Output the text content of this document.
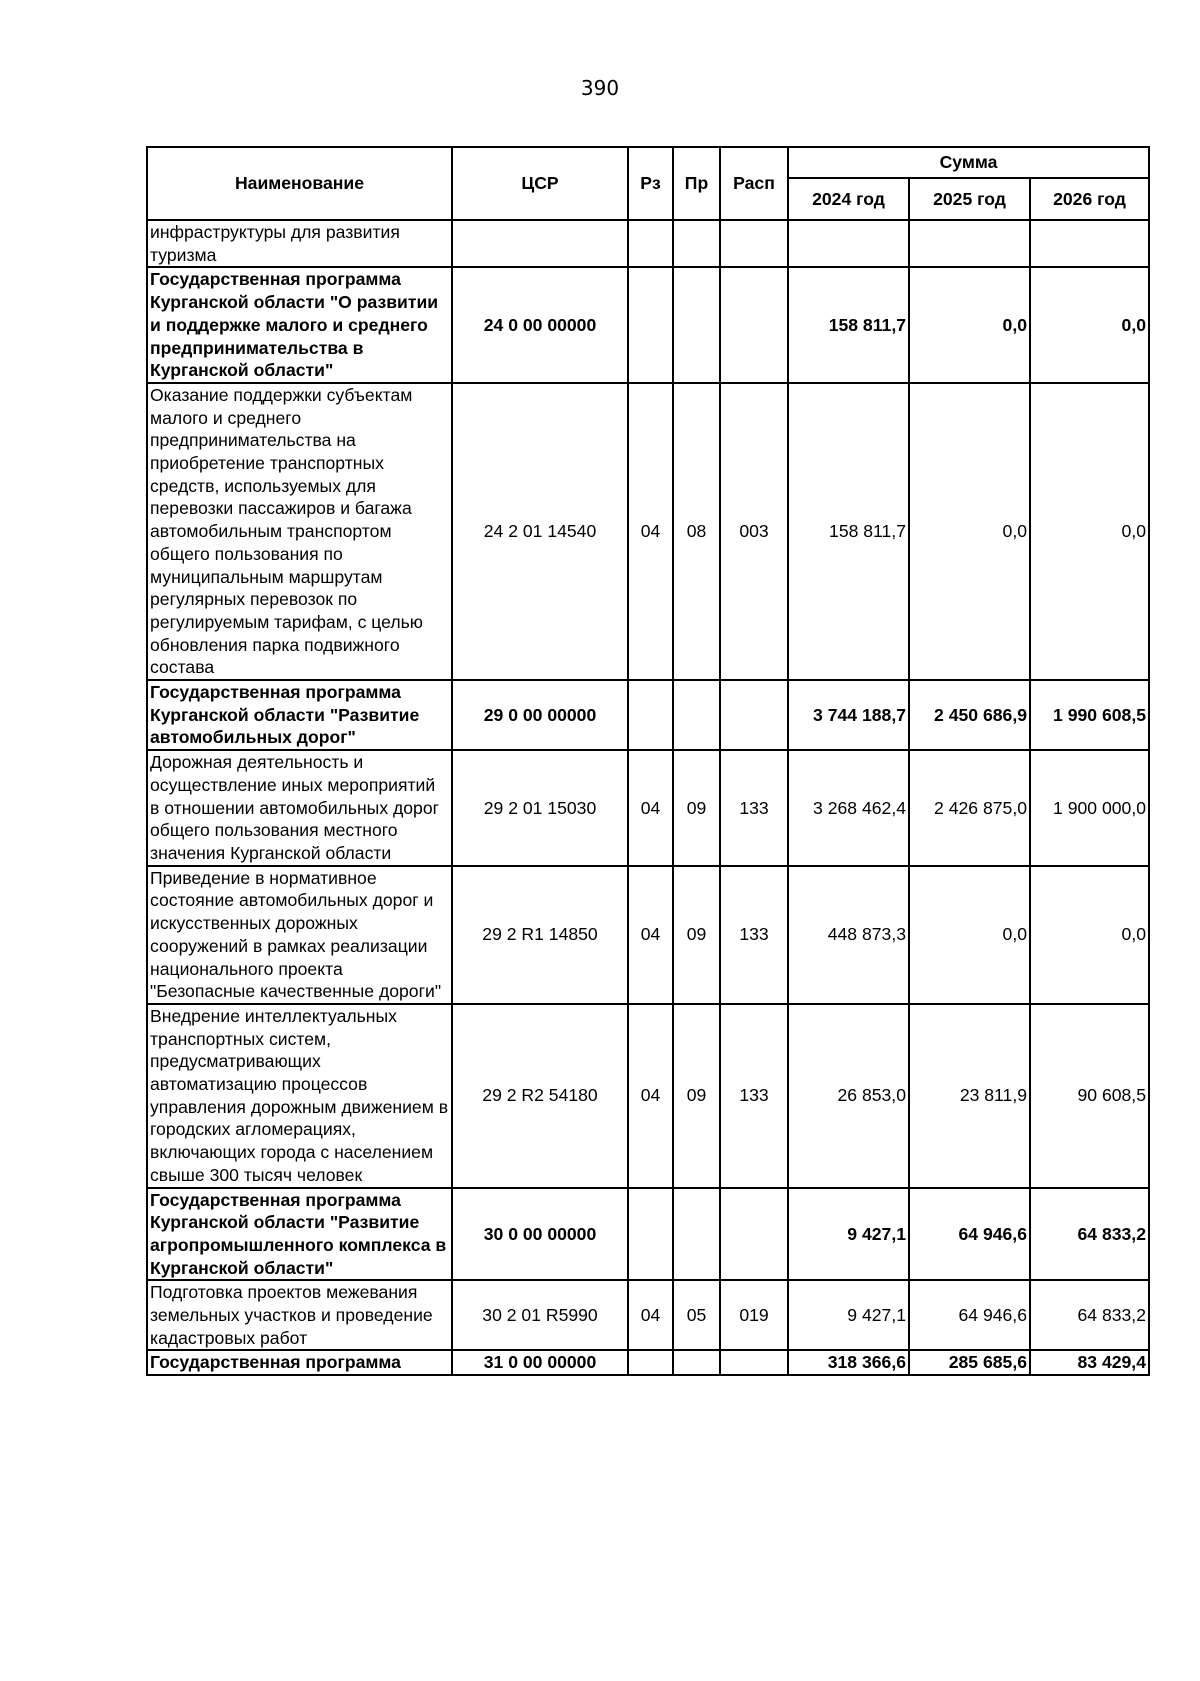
390
Наименование	ЦСР	Рз	Пр	Расп	Сумма		
					2024 год	2025 год	2026 год
инфраструктуры для развития туризма							
Государственная программа Курганской области "О развитии и поддержке малого и среднего предпринимательства в Курганской области"	24 0 00 00000				158 811,7	0,0	0,0
Оказание поддержки субъектам малого и среднего предпринимательства на приобретение транспортных средств, используемых для перевозки пассажиров и багажа автомобильным транспортом общего пользования по муниципальным маршрутам регулярных перевозок по регулируемым тарифам, с целью обновления парка подвижного состава	24 2 01 14540	04	08	003	158 811,7	0,0	0,0
Государственная программа Курганской области "Развитие автомобильных дорог"	29 0 00 00000				3 744 188,7	2 450 686,9	1 990 608,5
Дорожная деятельность и осуществление иных мероприятий в отношении автомобильных дорог общего пользования местного значения Курганской области	29 2 01 15030	04	09	133	3 268 462,4	2 426 875,0	1 900 000,0
Приведение в нормативное состояние автомобильных дорог и искусственных дорожных сооружений в рамках реализации национального проекта "Безопасные качественные дороги"	29 2 R1 14850	04	09	133	448 873,3	0,0	0,0
Внедрение интеллектуальных транспортных систем, предусматривающих автоматизацию процессов управления дорожным движением в городских агломерациях, включающих города с населением свыше 300 тысяч человек	29 2 R2 54180	04	09	133	26 853,0	23 811,9	90 608,5
Государственная программа Курганской области "Развитие агропромышленного комплекса в Курганской области"	30 0 00 00000				9 427,1	64 946,6	64 833,2
Подготовка проектов межевания земельных участков и проведение кадастровых работ	30 2 01 R5990	04	05	019	9 427,1	64 946,6	64 833,2
Государственная программа	31 0 00 00000				318 366,6	285 685,6	83 429,4
